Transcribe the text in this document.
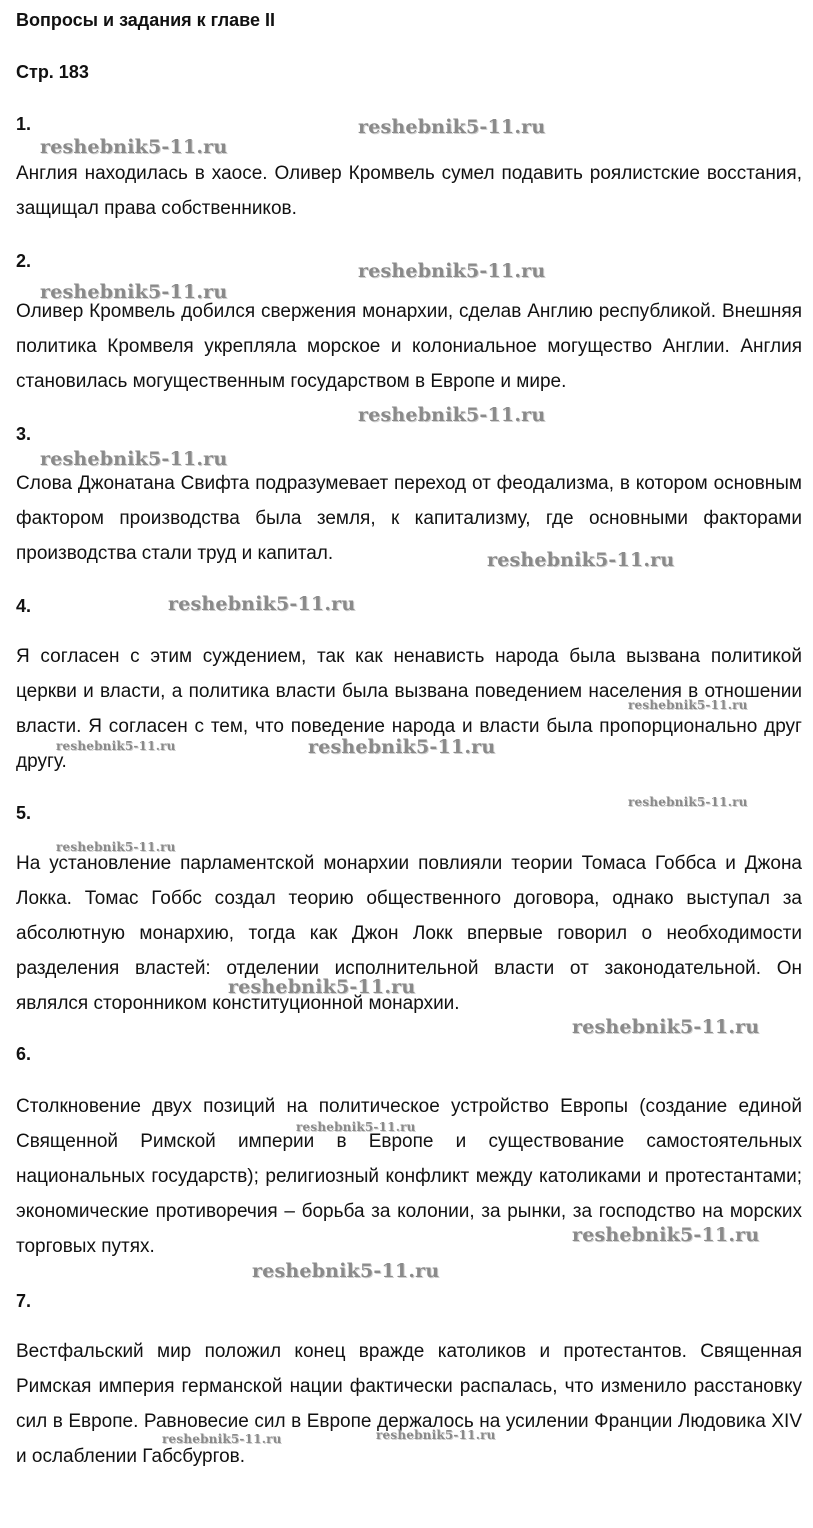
Вопросы и задания к главе II
Стр. 183
1.

Англия находилась в хаосе. Оливер Кромвель сумел подавить роялистские восстания, защищал права собственников.

2.

Оливер Кромвель добился свержения монархии, сделав Англию республикой. Внешняя политика Кромвеля укрепляла морское и колониальное могущество Англии. Англия становилась могущественным государством в Европе и мире.

3.

Слова Джонатана Свифта подразумевает переход от феодализма, в котором основным фактором производства была земля, к капитализму, где основными факторами производства стали труд и капитал.

4.

Я согласен с этим суждением, так как ненависть народа была вызвана политикой церкви и власти, а политика власти была вызвана поведением населения в отношении власти. Я согласен с тем, что поведение народа и власти была пропорционально друг другу.

5.

На установление парламентской монархии повлияли теории Томаса Гоббса и Джона Локка. Томас Гоббс создал теорию общественного договора, однако выступал за абсолютную монархию, тогда как Джон Локк впервые говорил о необходимости разделения властей: отделении исполнительной власти от законодательной. Он являлся сторонником конституционной монархии.

6.

Столкновение двух позиций на политическое устройство Европы (создание единой Священной Римской империи в Европе и существование самостоятельных национальных государств); религиозный конфликт между католиками и протестантами; экономические противоречия – борьба за колонии, за рынки, за господство на морских торговых путях.

7.

Вестфальский мир положил конец вражде католиков и протестантов. Священная Римская империя германской нации фактически распалась, что изменило расстановку сил в Европе. Равновесие сил в Европе держалось на усилении Франции Людовика XIV и ослаблении Габсбургов.

reshebnik5-11.ru
reshebnik5-11.ru
reshebnik5-11.ru
reshebnik5-11.ru
reshebnik5-11.ru
reshebnik5-11.ru
reshebnik5-11.ru
reshebnik5-11.ru
reshebnik5-11.ru
reshebnik5-11.ru	reshebnik5-11.ru
reshebnik5-11.ru
reshebnik5-11.ru
reshebnik5-11.ru
reshebnik5-11.ru
reshebnik5-11.ru
reshebnik5-11.ru
reshebnik5-11.ru
reshebnik5-11.ru
reshebnik5-11.ru
